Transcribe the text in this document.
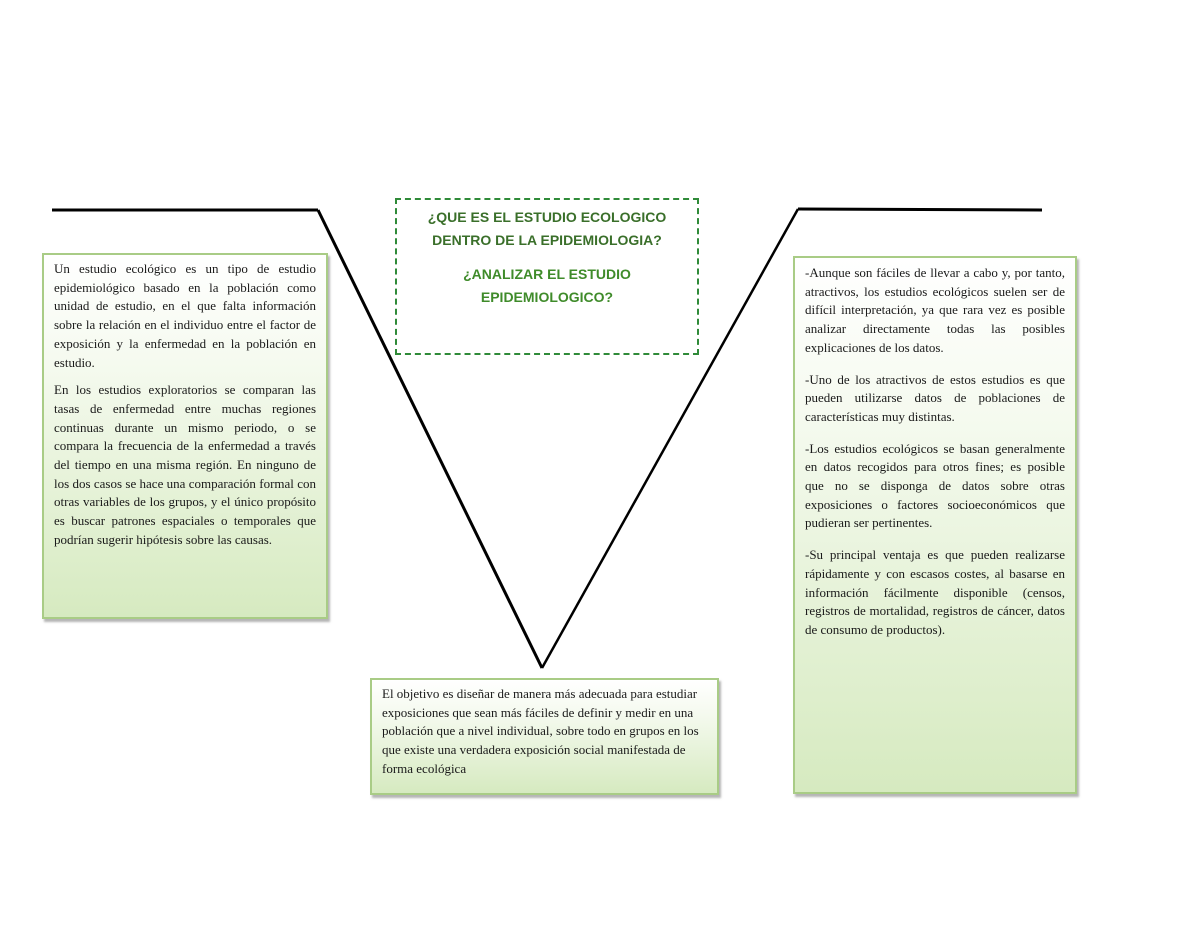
Un estudio ecológico es un tipo de estudio epidemiológico basado en la población como unidad de estudio, en el que falta información sobre la relación en el individuo entre el factor de exposición y la enfermedad en la población en estudio.

En los estudios exploratorios se comparan las tasas de enfermedad entre muchas regiones continuas durante un mismo periodo, o se compara la frecuencia de la enfermedad a través del tiempo en una misma región. En ninguno de los dos casos se hace una comparación formal con otras variables de los grupos, y el único propósito es buscar patrones espaciales o temporales que podrían sugerir hipótesis sobre las causas.

¿QUE ES EL ESTUDIO ECOLOGICO DENTRO DE LA EPIDEMIOLOGIA?

¿ANALIZAR EL ESTUDIO EPIDEMIOLOGICO?

-Aunque son fáciles de llevar a cabo y, por tanto, atractivos, los estudios ecológicos suelen ser de difícil interpretación, ya que rara vez es posible analizar directamente todas las posibles explicaciones de los datos.

-Uno de los atractivos de estos estudios es que pueden utilizarse datos de poblaciones de características muy distintas.

-Los estudios ecológicos se basan generalmente en datos recogidos para otros fines; es posible que no se disponga de datos sobre otras exposiciones o factores socioeconómicos que pudieran ser pertinentes.

-Su principal ventaja es que pueden realizarse rápidamente y con escasos costes, al basarse en información fácilmente disponible (censos, registros de mortalidad, registros de cáncer, datos de consumo de productos).

El objetivo es diseñar de manera más adecuada para estudiar exposiciones que sean más fáciles de definir y medir en una población que a nivel individual, sobre todo en grupos en los que existe una verdadera exposición social manifestada de forma ecológica
